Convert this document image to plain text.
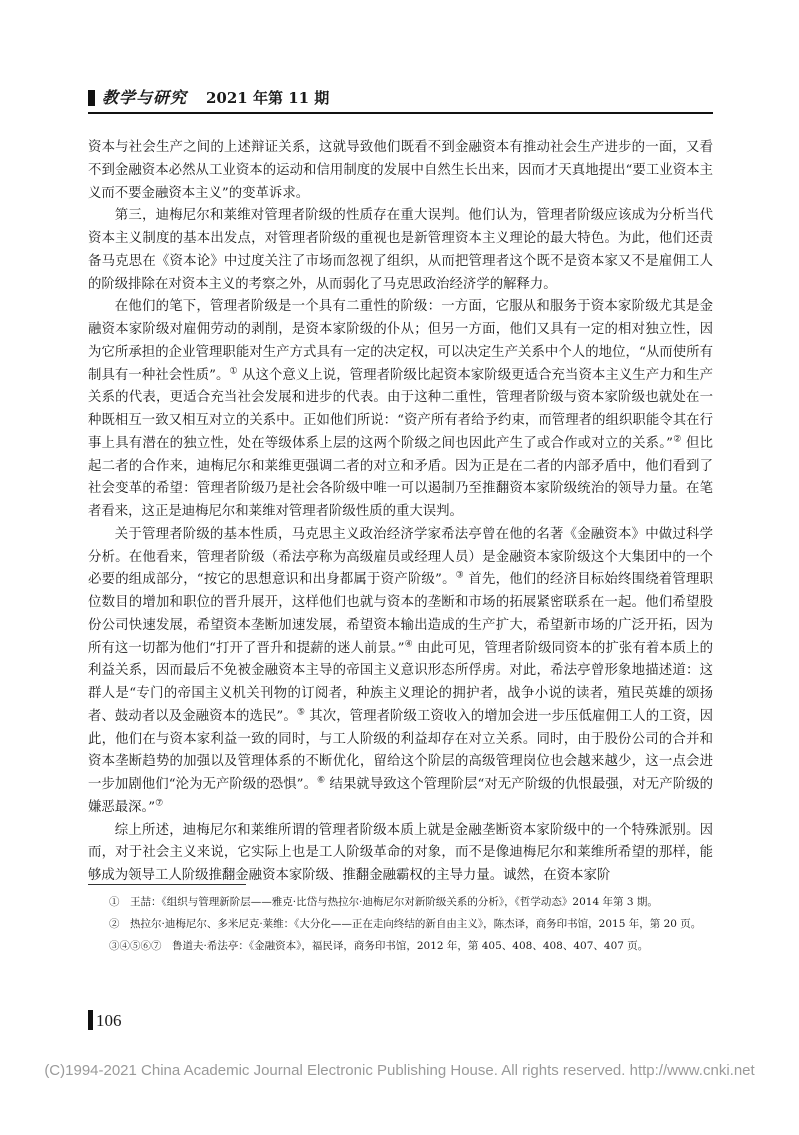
教学与研究 2021 年第 11 期

资本与社会生产之间的上述辩证关系，这就导致他们既看不到金融资本有推动社会生产进步的一面，又看不到金融资本必然从工业资本的运动和信用制度的发展中自然生长出来，因而才天真地提出“要工业资本主义而不要金融资本主义”的变革诉求。

第三，迪梅尼尔和莱维对管理者阶级的性质存在重大误判。他们认为，管理者阶级应该成为分析当代资本主义制度的基本出发点，对管理者阶级的重视也是新管理资本主义理论的最大特色。为此，他们还责备马克思在《资本论》中过度关注了市场而忽视了组织，从而把管理者这个既不是资本家又不是雇佣工人的阶级排除在对资本主义的考察之外，从而弱化了马克思政治经济学的解释力。

在他们的笔下，管理者阶级是一个具有二重性的阶级：一方面，它服从和服务于资本家阶级尤其是金融资本家阶级对雇佣劳动的剥削，是资本家阶级的仆从；但另一方面，他们又具有一定的相对独立性，因为它所承担的企业管理职能对生产方式具有一定的决定权，可以决定生产关系中个人的地位，“从而使所有制具有一种社会性质”。① 从这个意义上说，管理者阶级比起资本家阶级更适合充当资本主义生产力和生产关系的代表，更适合充当社会发展和进步的代表。由于这种二重性，管理者阶级与资本家阶级也就处在一种既相互一致又相互对立的关系中。正如他们所说：“资产所有者给予约束，而管理者的组织职能令其在行事上具有潜在的独立性，处在等级体系上层的这两个阶级之间也因此产生了或合作或对立的关系。”② 但比起二者的合作来，迪梅尼尔和莱维更强调二者的对立和矛盾。因为正是在二者的内部矛盾中，他们看到了社会变革的希望：管理者阶级乃是社会各阶级中唯一可以遏制乃至推翻资本家阶级统治的领导力量。在笔者看来，这正是迪梅尼尔和莱维对管理者阶级性质的重大误判。

关于管理者阶级的基本性质，马克思主义政治经济学家希法亭曾在他的名著《金融资本》中做过科学分析。在他看来，管理者阶级（希法亭称为高级雇员或经理人员）是金融资本家阶级这个大集团中的一个必要的组成部分，“按它的思想意识和出身都属于资产阶级”。③ 首先，他们的经济目标始终围绕着管理职位数目的增加和职位的晋升展开，这样他们也就与资本的垄断和市场的拓展紧密联系在一起。他们希望股份公司快速发展，希望资本垄断加速发展，希望资本输出造成的生产扩大，希望新市场的广泛开拓，因为所有这一切都为他们“打开了晋升和提薪的迷人前景。”④ 由此可见，管理者阶级同资本的扩张有着本质上的利益关系，因而最后不免被金融资本主导的帝国主义意识形态所俘虏。对此，希法亭曾形象地描述道：这群人是“专门的帝国主义机关刊物的订阅者，种族主义理论的拥护者，战争小说的读者，殖民英雄的颂扬者、鼓动者以及金融资本的选民”。⑤ 其次，管理者阶级工资收入的增加会进一步压低雇佣工人的工资，因此，他们在与资本家利益一致的同时，与工人阶级的利益却存在对立关系。同时，由于股份公司的合并和资本垄断趋势的加强以及管理体系的不断优化，留给这个阶层的高级管理岗位也会越来越少，这一点会进一步加剧他们“沦为无产阶级的恐惧”。⑥ 结果就导致这个管理阶层“对无产阶级的仇恨最强，对无产阶级的嫌恶最深。”⑦

综上所述，迪梅尼尔和莱维所谓的管理者阶级本质上就是金融垄断资本家阶级中的一个特殊派别。因而，对于社会主义来说，它实际上也是工人阶级革命的对象，而不是像迪梅尼尔和莱维所希望的那样，能够成为领导工人阶级推翻金融资本家阶级、推翻金融霸权的主导力量。诚然，在资本家阶

①　王喆：《组织与管理新阶层——雅克·比岱与热拉尔·迪梅尼尔对新阶级关系的分析》，《哲学动态》2014 年第 3 期。

②　热拉尔·迪梅尼尔、多米尼克·莱维：《大分化——正在走向终结的新自由主义》，陈杰译，商务印书馆，2015 年，第 20 页。

③④⑤⑥⑦　鲁道夫·希法亭：《金融资本》，福民译，商务印书馆，2012 年，第 405、408、408、407、407 页。

106
(C)1994-2021 China Academic Journal Electronic Publishing House. All rights reserved. http://www.cnki.net
